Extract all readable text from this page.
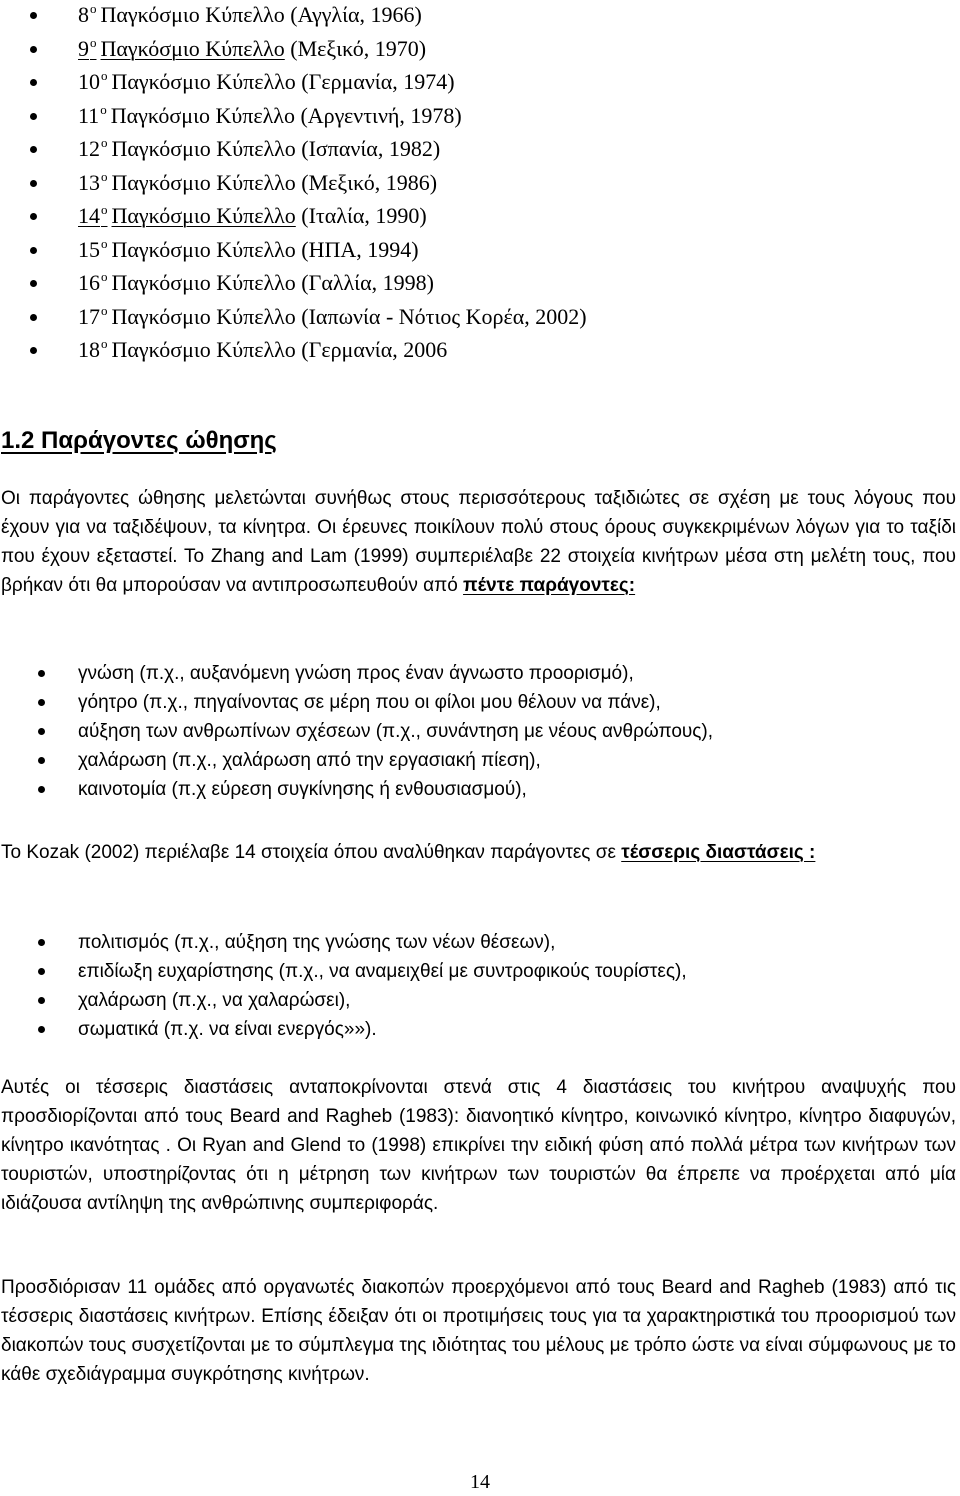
$8^o$ Παγκόσμιο Κύπελλο (Αγγλία, 1966)
$9^o$ Παγκόσμιο Κύπελλο (Μεξικό, 1970)
$10^o$ Παγκόσμιο Κύπελλο (Γερμανία, 1974)
$11^o$ Παγκόσμιο Κύπελλο (Αργεντινή, 1978)
$12^o$ Παγκόσμιο Κύπελλο (Ισπανία, 1982)
$13^o$ Παγκόσμιο Κύπελλο (Μεξικό, 1986)
$14^o$ Παγκόσμιο Κύπελλο (Ιταλία, 1990)
$15^o$ Παγκόσμιο Κύπελλο (ΗΠΑ, 1994)
$16^o$ Παγκόσμιο Κύπελλο (Γαλλία, 1998)
$17^o$ Παγκόσμιο Κύπελλο (Ιαπωνία - Νότιος Κορέα, 2002)
$18^o$ Παγκόσμιο Κύπελλο (Γερμανία, 2006
1.2 Παράγοντες ώθησης

Οι παράγοντες ώθησης μελετώνται συνήθως στους περισσότερους ταξιδιώτες σε σχέση με τους λόγους που έχουν για να ταξιδέψουν, τα κίνητρα. Οι έρευνες ποικίλουν πολύ στους όρους συγκεκριμένων λόγων για το ταξίδι που έχουν εξεταστεί. Το Zhang and Lam (1999) συμπεριέλαβε 22 στοιχεία κινήτρων μέσα στη μελέτη τους, που βρήκαν ότι θα μπορούσαν να αντιπροσωπευθούν από πέντε παράγοντες:

γνώση (π.χ., αυξανόμενη γνώση προς έναν άγνωστο προορισμό),
γόητρο (π.χ., πηγαίνοντας σε μέρη που οι φίλοι μου θέλουν να πάνε),
αύξηση των ανθρωπίνων σχέσεων (π.χ., συνάντηση με νέους ανθρώπους),
χαλάρωση (π.χ., χαλάρωση από την εργασιακή πίεση),
καινοτομία (π.χ εύρεση συγκίνησης ή ενθουσιασμού),

Το Kozak (2002) περιέλαβε 14 στοιχεία όπου αναλύθηκαν παράγοντες σε τέσσερις διαστάσεις :

πολιτισμός (π.χ., αύξηση της γνώσης των νέων θέσεων),
επιδίωξη ευχαρίστησης (π.χ., να αναμειχθεί με συντροφικούς τουρίστες),
χαλάρωση (π.χ., να χαλαρώσει),
σωματικά (π.χ. να είναι ενεργός»»).

Αυτές οι τέσσερις διαστάσεις ανταποκρίνονται στενά στις 4 διαστάσεις του κινήτρου αναψυχής που προσδιορίζονται από τους Beard and Ragheb (1983): διανοητικό κίνητρο, κοινωνικό κίνητρο, κίνητρο διαφυγών, κίνητρο ικανότητας . Οι Ryan and Glend το (1998) επικρίνει την ειδική φύση από πολλά μέτρα των κινήτρων των τουριστών, υποστηρίζοντας ότι η μέτρηση των κινήτρων των τουριστών θα έπρεπε να προέρχεται από μία ιδιάζουσα αντίληψη της ανθρώπινης συμπεριφοράς.

Προσδιόρισαν 11 ομάδες από οργανωτές διακοπών προερχόμενοι από τους Beard and Ragheb (1983) από τις τέσσερις διαστάσεις κινήτρων. Επίσης έδειξαν ότι οι προτιμήσεις τους για τα χαρακτηριστικά του προορισμού των διακοπών τους συσχετίζονται με το σύμπλεγμα της ιδιότητας του μέλους με τρόπο ώστε να είναι σύμφωνους με το κάθε σχεδιάγραμμα συγκρότησης κινήτρων.

14
